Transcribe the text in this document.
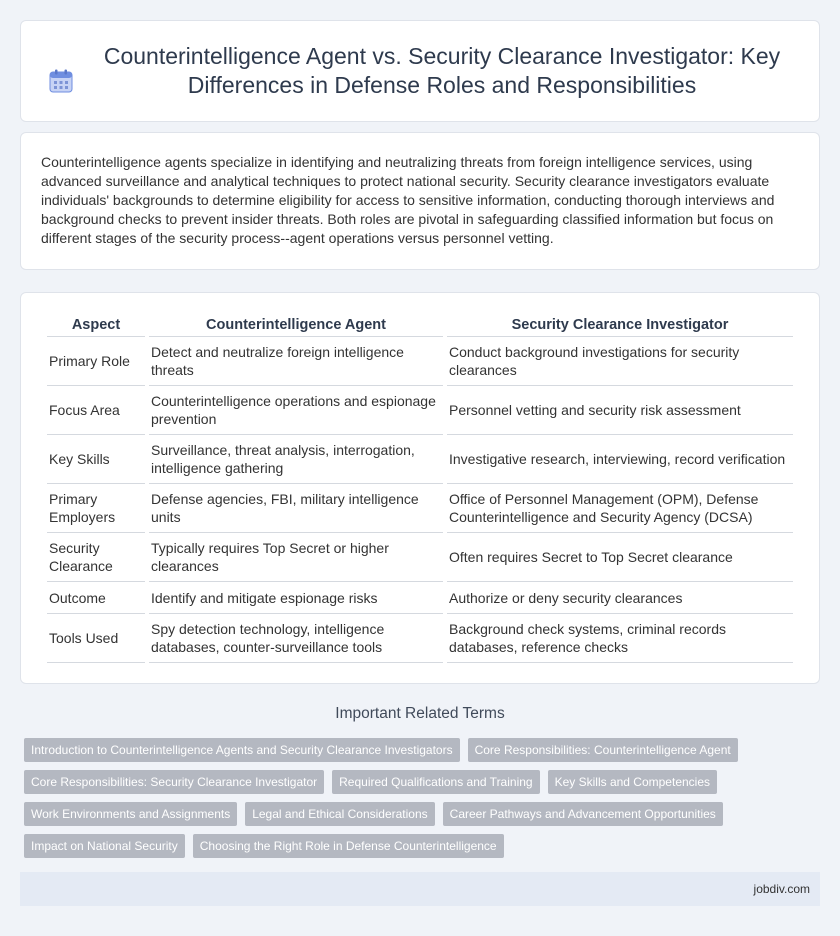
Counterintelligence Agent vs. Security Clearance Investigator: Key Differences in Defense Roles and Responsibilities

Counterintelligence agents specialize in identifying and neutralizing threats from foreign intelligence services, using advanced surveillance and analytical techniques to protect national security. Security clearance investigators evaluate individuals' backgrounds to determine eligibility for access to sensitive information, conducting thorough interviews and background checks to prevent insider threats. Both roles are pivotal in safeguarding classified information but focus on different stages of the security process--agent operations versus personnel vetting.

Aspect	Counterintelligence Agent	Security Clearance Investigator
Primary Role	Detect and neutralize foreign intelligence threats	Conduct background investigations for security clearances
Focus Area	Counterintelligence operations and espionage prevention	Personnel vetting and security risk assessment
Key Skills	Surveillance, threat analysis, interrogation, intelligence gathering	Investigative research, interviewing, record verification
Primary Employers	Defense agencies, FBI, military intelligence units	Office of Personnel Management (OPM), Defense Counterintelligence and Security Agency (DCSA)
Security Clearance	Typically requires Top Secret or higher clearances	Often requires Secret to Top Secret clearance
Outcome	Identify and mitigate espionage risks	Authorize or deny security clearances
Tools Used	Spy detection technology, intelligence databases, counter-surveillance tools	Background check systems, criminal records databases, reference checks
Important Related Terms
Introduction to Counterintelligence Agents and Security Clearance Investigators	Core Responsibilities: Counterintelligence Agent
Core Responsibilities: Security Clearance Investigator	Required Qualifications and Training	Key Skills and Competencies
Work Environments and Assignments	Legal and Ethical Considerations	Career Pathways and Advancement Opportunities
Impact on National Security	Choosing the Right Role in Defense Counterintelligence
jobdiv.com
